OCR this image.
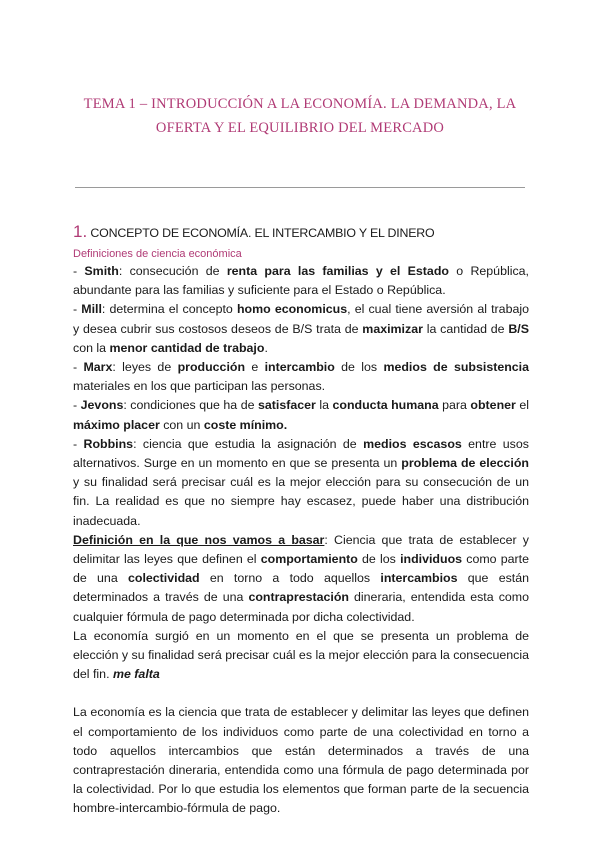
TEMA 1 – INTRODUCCIÓN A LA ECONOMÍA. LA DEMANDA, LA
OFERTA Y EL EQUILIBRIO DEL MERCADO

1. CONCEPTO DE ECONOMÍA. EL INTERCAMBIO Y EL DINERO

Definiciones de ciencia económica

- Smith: consecución de renta para las familias y el Estado o República, abundante para las familias y suficiente para el Estado o República.

- Mill: determina el concepto homo economicus, el cual tiene aversión al trabajo y desea cubrir sus costosos deseos de B/S trata de maximizar la cantidad de B/S con la menor cantidad de trabajo.

- Marx: leyes de producción e intercambio de los medios de subsistencia materiales en los que participan las personas.

- Jevons: condiciones que ha de satisfacer la conducta humana para obtener el máximo placer con un coste mínimo.

- Robbins: ciencia que estudia la asignación de medios escasos entre usos alternativos. Surge en un momento en que se presenta un problema de elección y su finalidad será precisar cuál es la mejor elección para su consecución de un fin. La realidad es que no siempre hay escasez, puede haber una distribución inadecuada.

Definición en la que nos vamos a basar: Ciencia que trata de establecer y delimitar las leyes que definen el comportamiento de los individuos como parte de una colectividad en torno a todo aquellos intercambios que están determinados a través de una contraprestación dineraria, entendida esta como cualquier fórmula de pago determinada por dicha colectividad.

La economía surgió en un momento en el que se presenta un problema de elección y su finalidad será precisar cuál es la mejor elección para la consecuencia del fin. me falta

La economía es la ciencia que trata de establecer y delimitar las leyes que definen el comportamiento de los individuos como parte de una colectividad en torno a todo aquellos intercambios que están determinados a través de una contraprestación dineraria, entendida como una fórmula de pago determinada por la colectividad. Por lo que estudia los elementos que forman parte de la secuencia hombre-intercambio-fórmula de pago.
